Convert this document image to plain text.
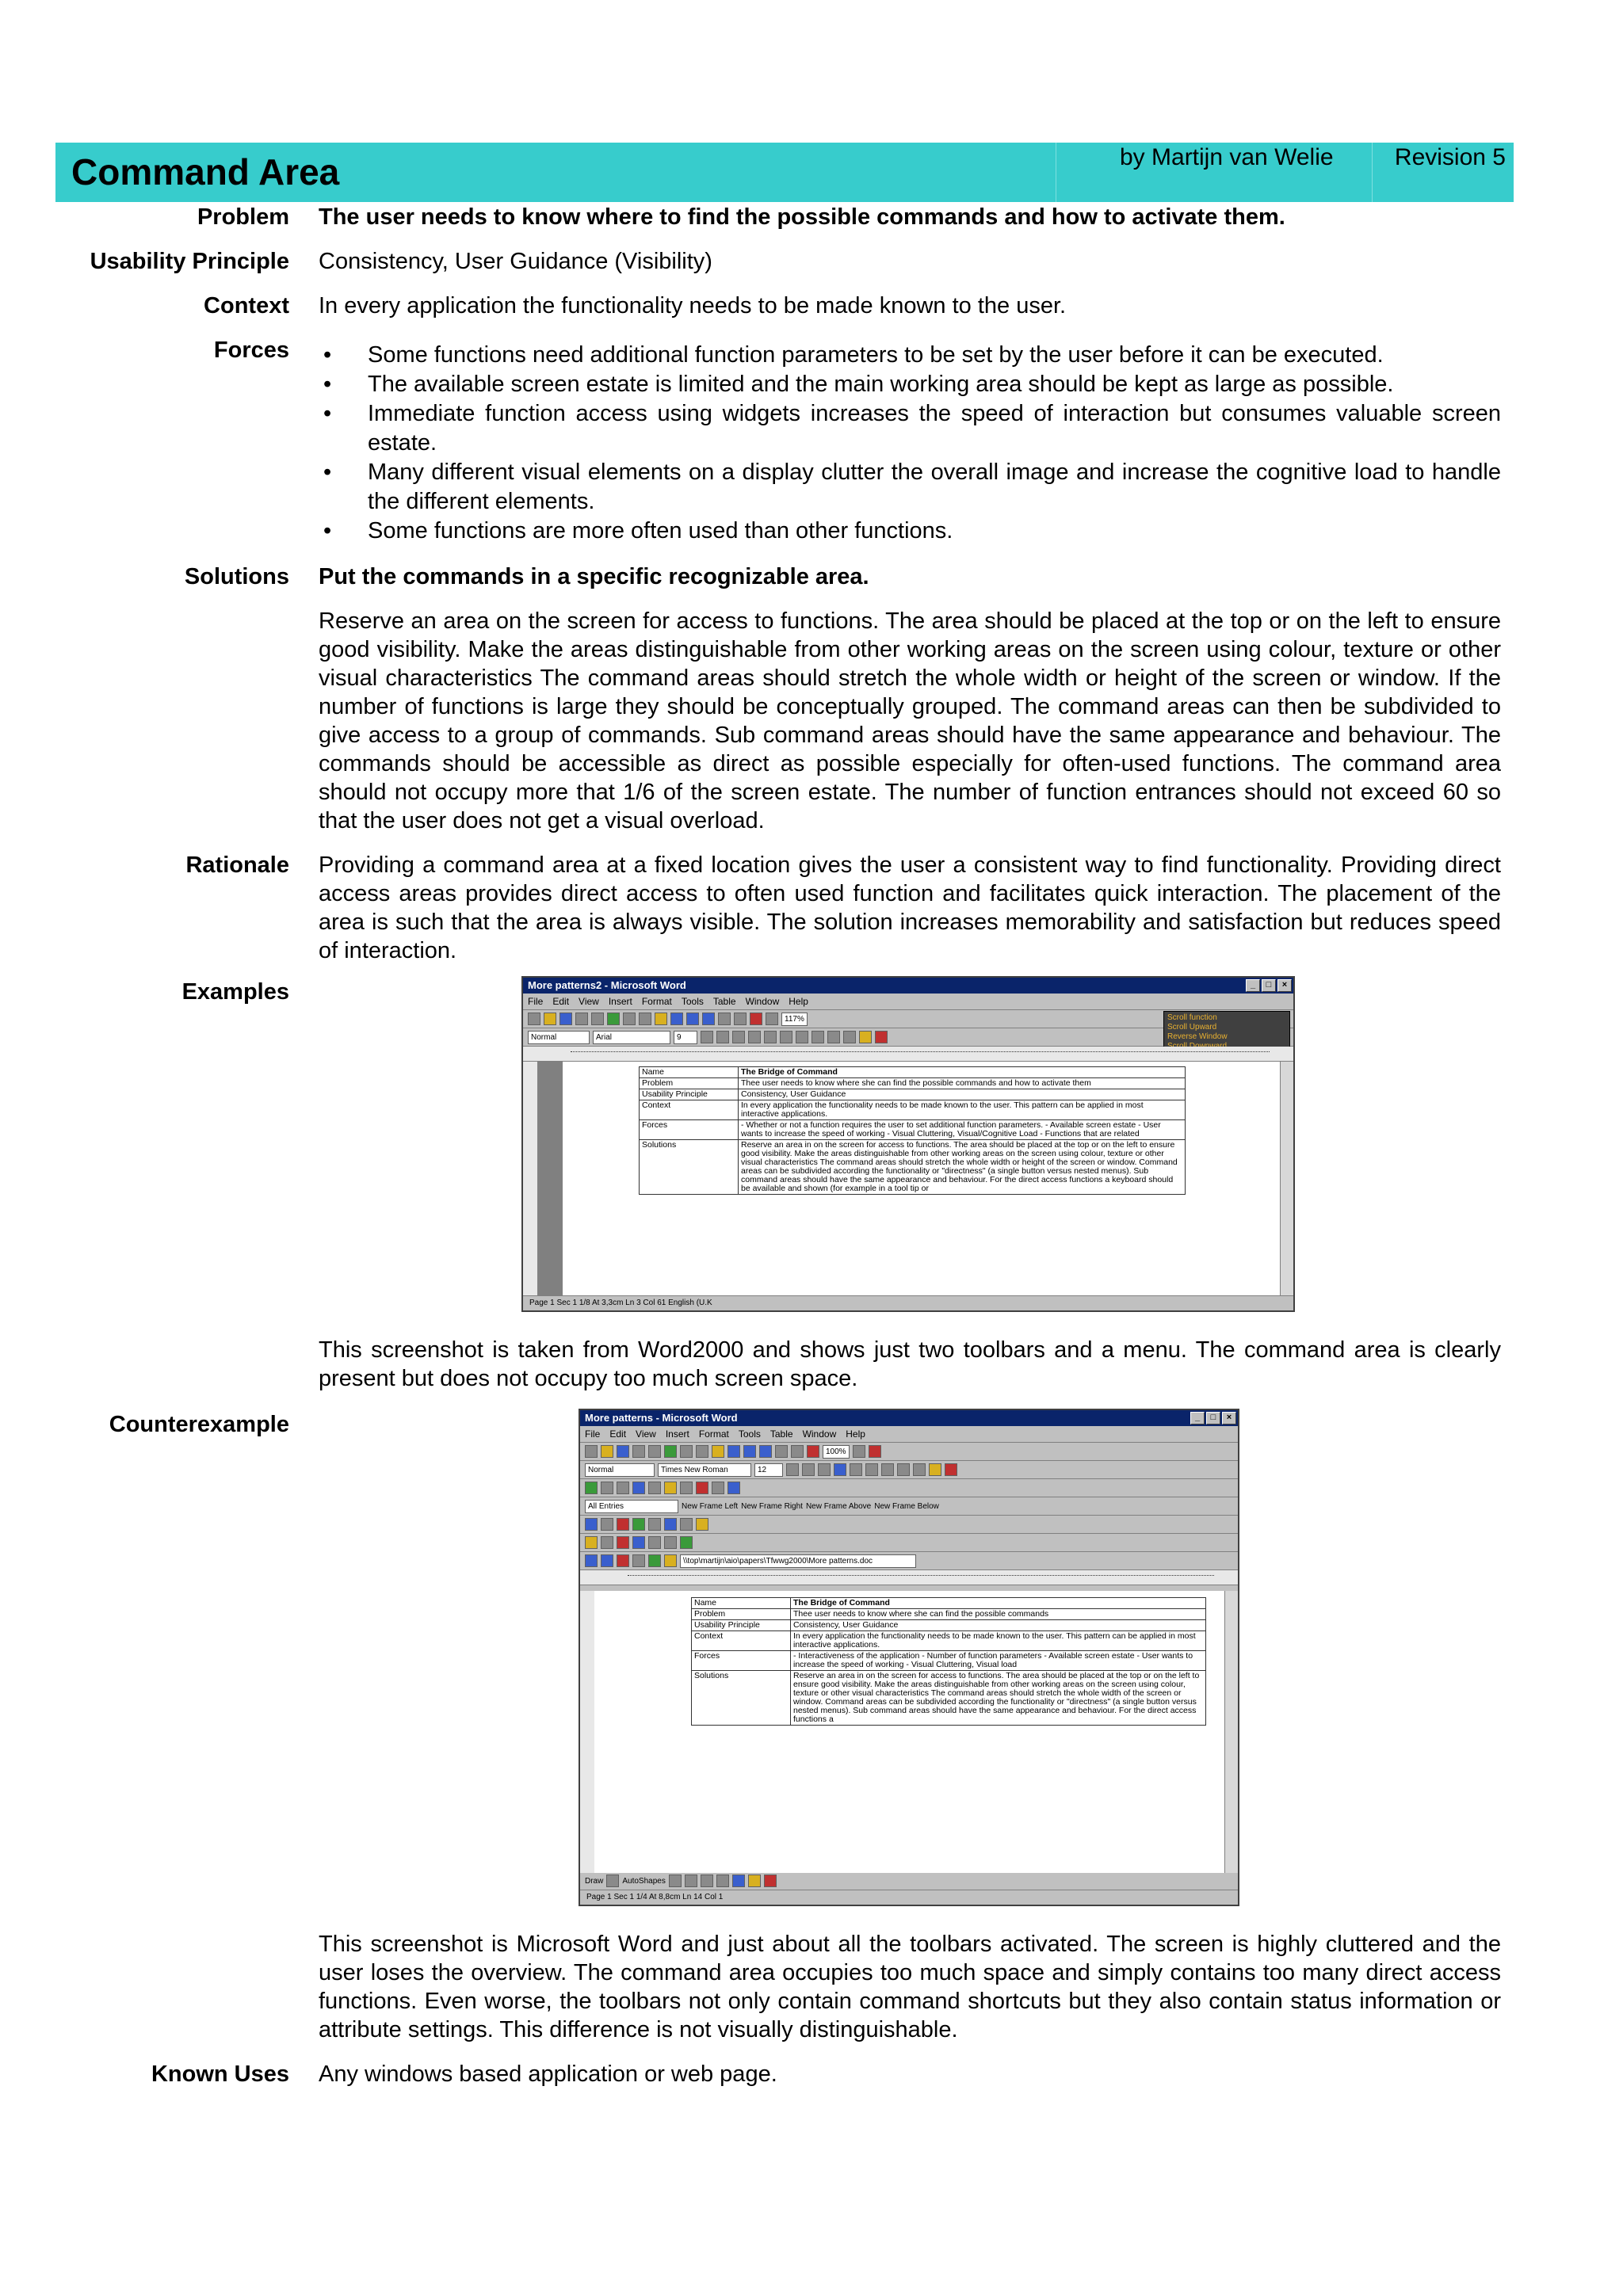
Command Area	by Martijn van Welie	Revision 5
Problem The user needs to know where to find the possible commands and how to activate them.
Usability Principle Consistency, User Guidance (Visibility)
Context In every application the functionality needs to be made known to the user.
Forces	• Some functions need additional function parameters to be set by the user before it can be executed.
• The available screen estate is limited and the main working area should be kept as large as possible.
• Immediate function access using widgets increases the speed of interaction but consumes valuable screen estate.
• Many different visual elements on a display clutter the overall image and increase the cognitive load to handle the different elements.
• Some functions are more often used than other functions.
Solutions Put the commands in a specific recognizable area.
Reserve an area on the screen for access to functions. The area should be placed at the top or on the left to ensure good visibility. Make the areas distinguishable from other working areas on the screen using colour, texture or other visual characteristics The command areas should stretch the whole width or height of the screen or window. If the number of functions is large they should be conceptually grouped. The command areas can then be subdivided to give access to a group of commands. Sub command areas should have the same appearance and behaviour. The commands should be accessible as direct as possible especially for often-used functions. The command area should not occupy more that 1/6 of the screen estate. The number of function entrances should not exceed 60 so that the user does not get a visual overload.
Rationale Providing a command area at a fixed location gives the user a consistent way to find functionality. Providing direct access areas provides direct access to often used function and facilitates quick interaction. The placement of the area is such that the area is always visible. The solution increases memorability and satisfaction but reduces speed of interaction.
Examples	More patterns2 - Microsoft Word	_	□	×
File Edit View Insert Format Tools Table Window Help
117%
Normal	Arial	9
Scroll function
Scroll Upward
Reverse Window
Name	The Bridge of Command
Problem	Thee user needs to know where she can find the possible commands and how to activate them
Usability Principle	Consistency, User Guidance
Context	In every application the functionality needs to be made known to the user. This pattern can be applied in most interactive applications.
Forces	- Whether or not a function requires the user to set additional function parameters. - Available screen estate - User wants to increase the speed of working - Visual Cluttering, Visual/Cognitive Load - Functions that are related
Solutions	Reserve an area in on the screen for access to functions. The area should be placed at the top or on the left to ensure good visibility. Make the areas distinguishable from other working areas on the screen using colour, texture or other visual characteristics The command areas should stretch the whole width or height of the screen or window. Command areas can be subdivided according the functionality or "directness" (a single button versus nested menus). Sub command areas should have the same appearance and behaviour. For the direct access functions a keyboard should be available and shown (for example in a tool tip or
Page 1 Sec 1 1/8 At 3,3cm Ln 3 Col 61 English (U.K
This screenshot is taken from Word2000 and shows just two toolbars and a menu. The command area is clearly present but does not occupy too much screen space.
Counterexample	More patterns - Microsoft Word	_	□	×
File Edit View Insert Format Tools Table Window Help
100%
Normal	Times New Roman	12
All Entries	New Frame Left New Frame Right New Frame Above New Frame Below
\\top\martijn\aio\papers\Tfwwg2000\More patterns.doc
Name	The Bridge of Command
Problem	Thee user needs to know where she can find the possible commands
Usability Principle	Consistency, User Guidance
Context	In every application the functionality needs to be made known to the user. This pattern can be applied in most interactive applications.
Forces	- Interactiveness of the application - Number of function parameters - Available screen estate - User wants to increase the speed of working - Visual Cluttering, Visual load
Solutions	Reserve an area in on the screen for access to functions. The area should be placed at the top or on the left to ensure good visibility. Make the areas distinguishable from other working areas on the screen using colour, texture or other visual characteristics The command areas should stretch the whole width of the screen or window. Command areas can be subdivided according the functionality or "directness" (a single button versus nested menus). Sub command areas should have the same appearance and behaviour. For the direct access functions a
Draw AutoShapes
Page 1 Sec 1 1/4 At 8,8cm Ln 14 Col 1
This screenshot is Microsoft Word and just about all the toolbars activated. The screen is highly cluttered and the user loses the overview. The command area occupies too much space and simply contains too many direct access functions. Even worse, the toolbars not only contain command shortcuts but they also contain status information or attribute settings. This difference is not visually distinguishable.
Known Uses Any windows based application or web page.
